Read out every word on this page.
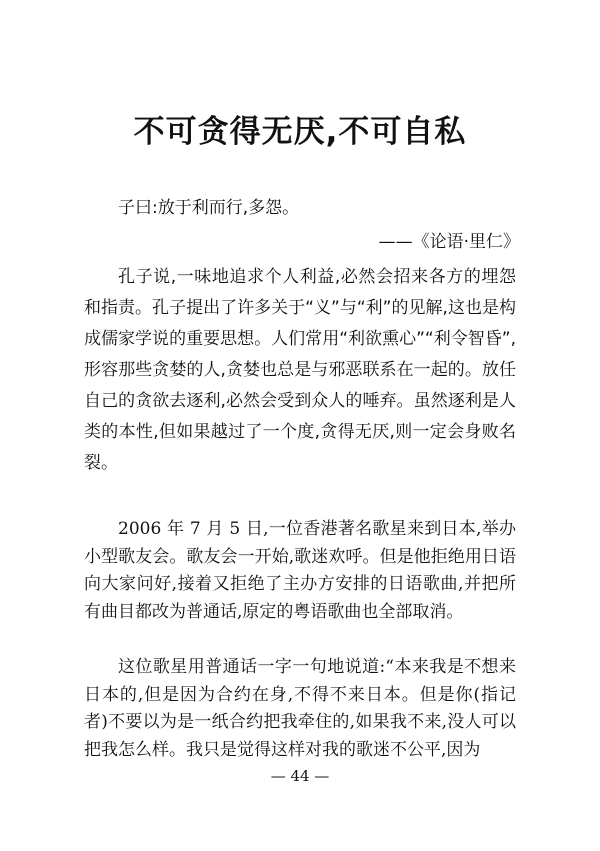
不可贪得无厌,不可自私
子曰:放于利而行,多怨。
——《论语·里仁》

孔子说,一味地追求个人利益,必然会招来各方的埋怨和指责。孔子提出了许多关于“义”与“利”的见解,这也是构成儒家学说的重要思想。人们常用“利欲熏心”“利令智昏”,形容那些贪婪的人,贪婪也总是与邪恶联系在一起的。放任自己的贪欲去逐利,必然会受到众人的唾弃。虽然逐利是人类的本性,但如果越过了一个度,贪得无厌,则一定会身败名裂。

2006 年 7 月 5 日,一位香港著名歌星来到日本,举办小型歌友会。歌友会一开始,歌迷欢呼。但是他拒绝用日语向大家问好,接着又拒绝了主办方安排的日语歌曲,并把所有曲目都改为普通话,原定的粤语歌曲也全部取消。

这位歌星用普通话一字一句地说道:“本来我是不想来日本的,但是因为合约在身,不得不来日本。但是你(指记者)不要以为是一纸合约把我牵住的,如果我不来,没人可以把我怎么样。我只是觉得这样对我的歌迷不公平,因为

— 44 —
